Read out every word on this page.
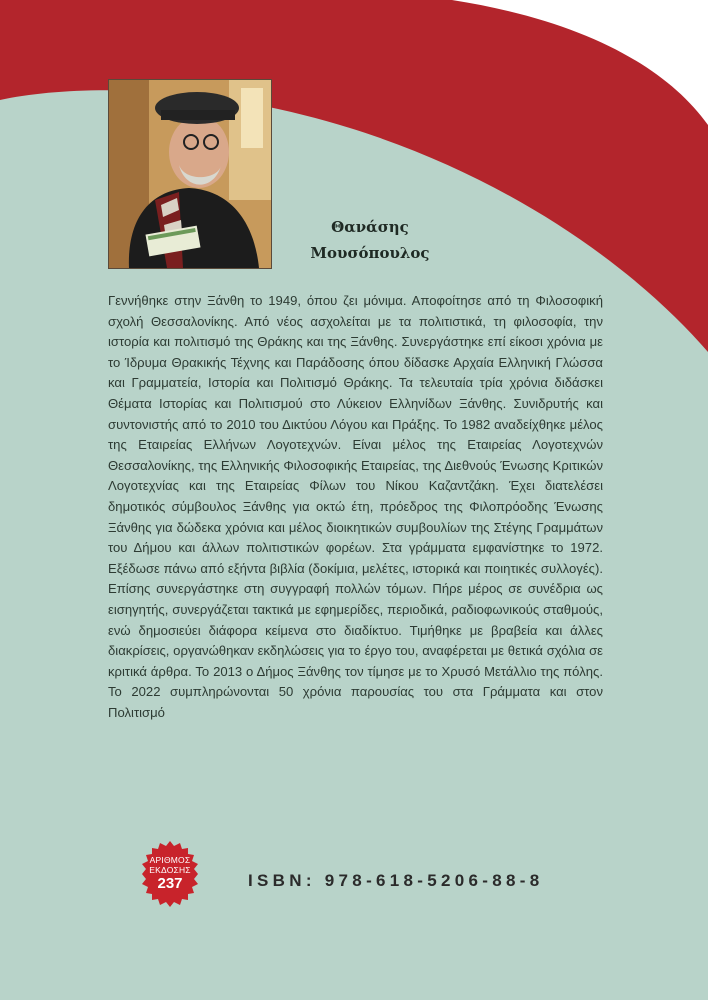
Θανάσης
Μουσόπουλος

Γεννήθηκε στην Ξάνθη το 1949, όπου ζει μόνιμα. Αποφοίτησε από τη Φιλοσοφική σχολή Θεσσαλονίκης. Από νέος ασχολείται με τα πολιτιστικά, τη φιλοσοφία, την ιστορία και πολιτισμό της Θράκης και της Ξάνθης. Συνεργάστηκε επί είκοσι χρόνια με το Ίδρυμα Θρακικής Τέχνης και Παράδοσης όπου δίδασκε Αρχαία Ελληνική Γλώσσα και Γραμματεία, Ιστορία και Πολιτισμό Θράκης. Τα τελευταία τρία χρόνια διδάσκει Θέματα Ιστορίας και Πολιτισμού στο Λύκειον Ελληνίδων Ξάνθης. Συνιδρυτής και συντονιστής από το 2010 του Δικτύου Λόγου και Πράξης. Το 1982 αναδείχθηκε μέλος της Εταιρείας Ελλήνων Λογοτεχνών. Είναι μέλος της Εταιρείας Λογοτεχνών Θεσσαλονίκης, της Ελληνικής Φιλοσοφικής Εταιρείας, της Διεθνούς Ένωσης Κριτικών Λογοτεχνίας και της Εταιρείας Φίλων του Νίκου Καζαντζάκη. Έχει διατελέσει δημοτικός σύμβουλος Ξάνθης για οκτώ έτη, πρόεδρος της Φιλοπρόοδης Ένωσης Ξάνθης για δώδεκα χρόνια και μέλος διοικητικών συμβουλίων της Στέγης Γραμμάτων του Δήμου και άλλων πολιτιστικών φορέων. Στα γράμματα εμφανίστηκε το 1972. Εξέδωσε πάνω από εξήντα βιβλία (δοκίμια, μελέτες, ιστορικά και ποιητικές συλλογές). Επίσης συνεργάστηκε στη συγγραφή πολλών τόμων. Πήρε μέρος σε συνέδρια ως εισηγητής, συνεργάζεται τακτικά με εφημερίδες, περιοδικά, ραδιοφωνικούς σταθμούς, ενώ δημοσιεύει διάφορα κείμενα στο διαδίκτυο. Τιμήθηκε με βραβεία και άλλες διακρίσεις, οργανώθηκαν εκδηλώσεις για το έργο του, αναφέρεται με θετικά σχόλια σε κριτικά άρθρα. Το 2013 ο Δήμος Ξάνθης τον τίμησε με το Χρυσό Μετάλλιο της πόλης. Το 2022 συμπληρώνονται 50 χρόνια παρουσίας του στα Γράμματα και στον Πολιτισμό

ΑΡΙΘΜΟΣ
ΕΚΔΟΣΗΣ
237	ISBN: 978-618-5206-88-8
